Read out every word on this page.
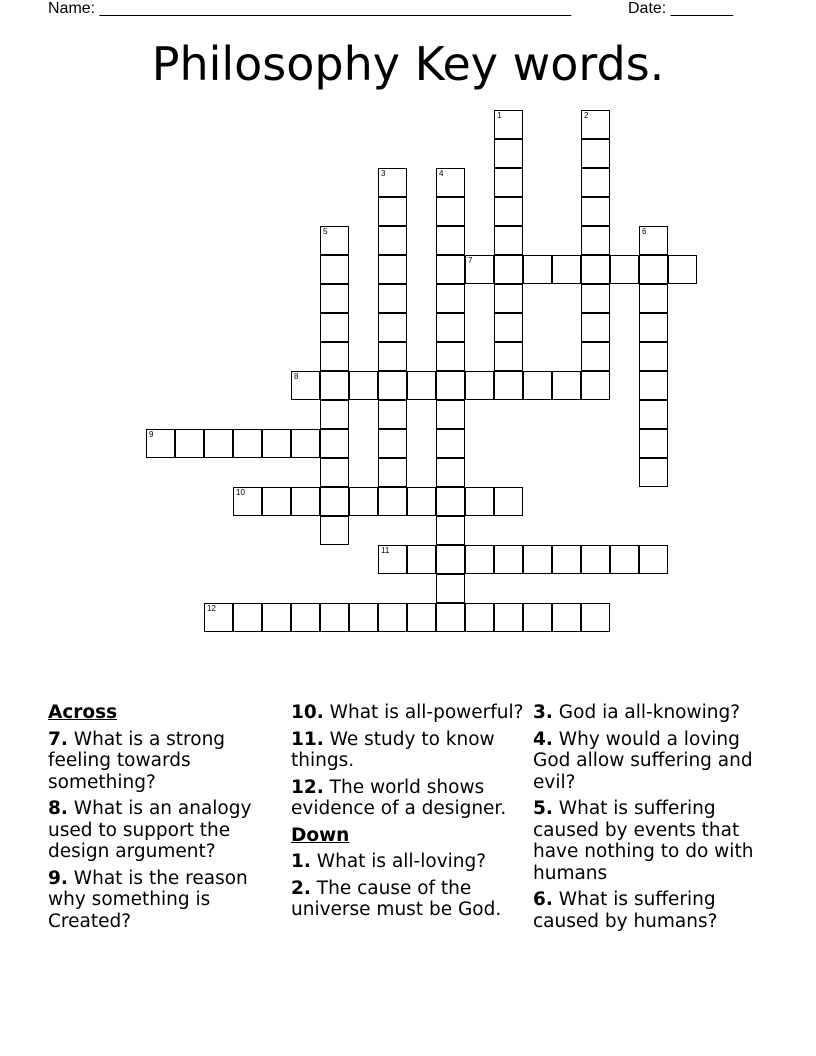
Name: _____________________________________________________	Date: _______
Philosophy Key words.
1	2
3	4
5	6
7
8
9
10
11
12
Across
7. What is a strong feeling towards something?
8. What is an analogy used to support the design argument?
9. What is the reason why something is Created?
10. What is all-powerful?
11. We study to know things.
12. The world shows evidence of a designer.
Down
1. What is all-loving?
2. The cause of the universe must be God.
3. God ia all-knowing?
4. Why would a loving God allow suffering and evil?
5. What is suffering caused by events that have nothing to do with humans
6. What is suffering caused by humans?
